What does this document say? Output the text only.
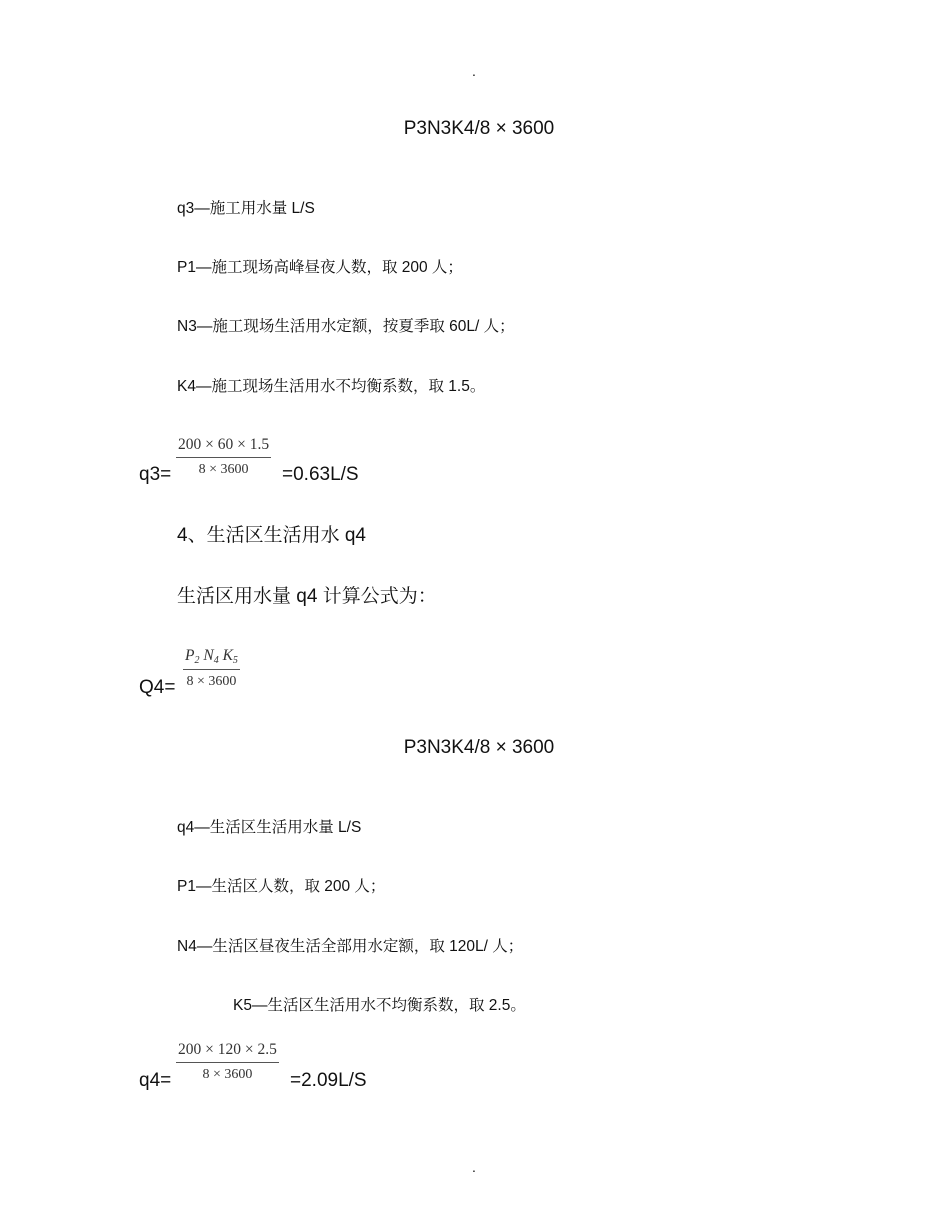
.
P3N3K4/8 × 3600
q3—施工用水量 L/S
P1—施工现场高峰昼夜人数，取 200 人；
N3—施工现场生活用水定额，按夏季取 60L/ 人；
K4—施工现场生活用水不均衡系数，取 1.5。
$q3= \frac{200 \times 60 \times 1.5}{8 \times 3600} =0.63L/S$
4、生活区生活用水 q4
生活区用水量 q4 计算公式为：
$Q4= \frac{P_2 N_4 K_5}{8 \times 3600}$
P3N3K4/8 × 3600
q4—生活区生活用水量 L/S
P1—生活区人数，取 200 人；
N4—生活区昼夜生活全部用水定额，取 120L/ 人；
K5—生活区生活用水不均衡系数，取 2.5。
$q4= \frac{200 \times 120 \times 2.5}{8 \times 3600} =2.09L/S$
.
